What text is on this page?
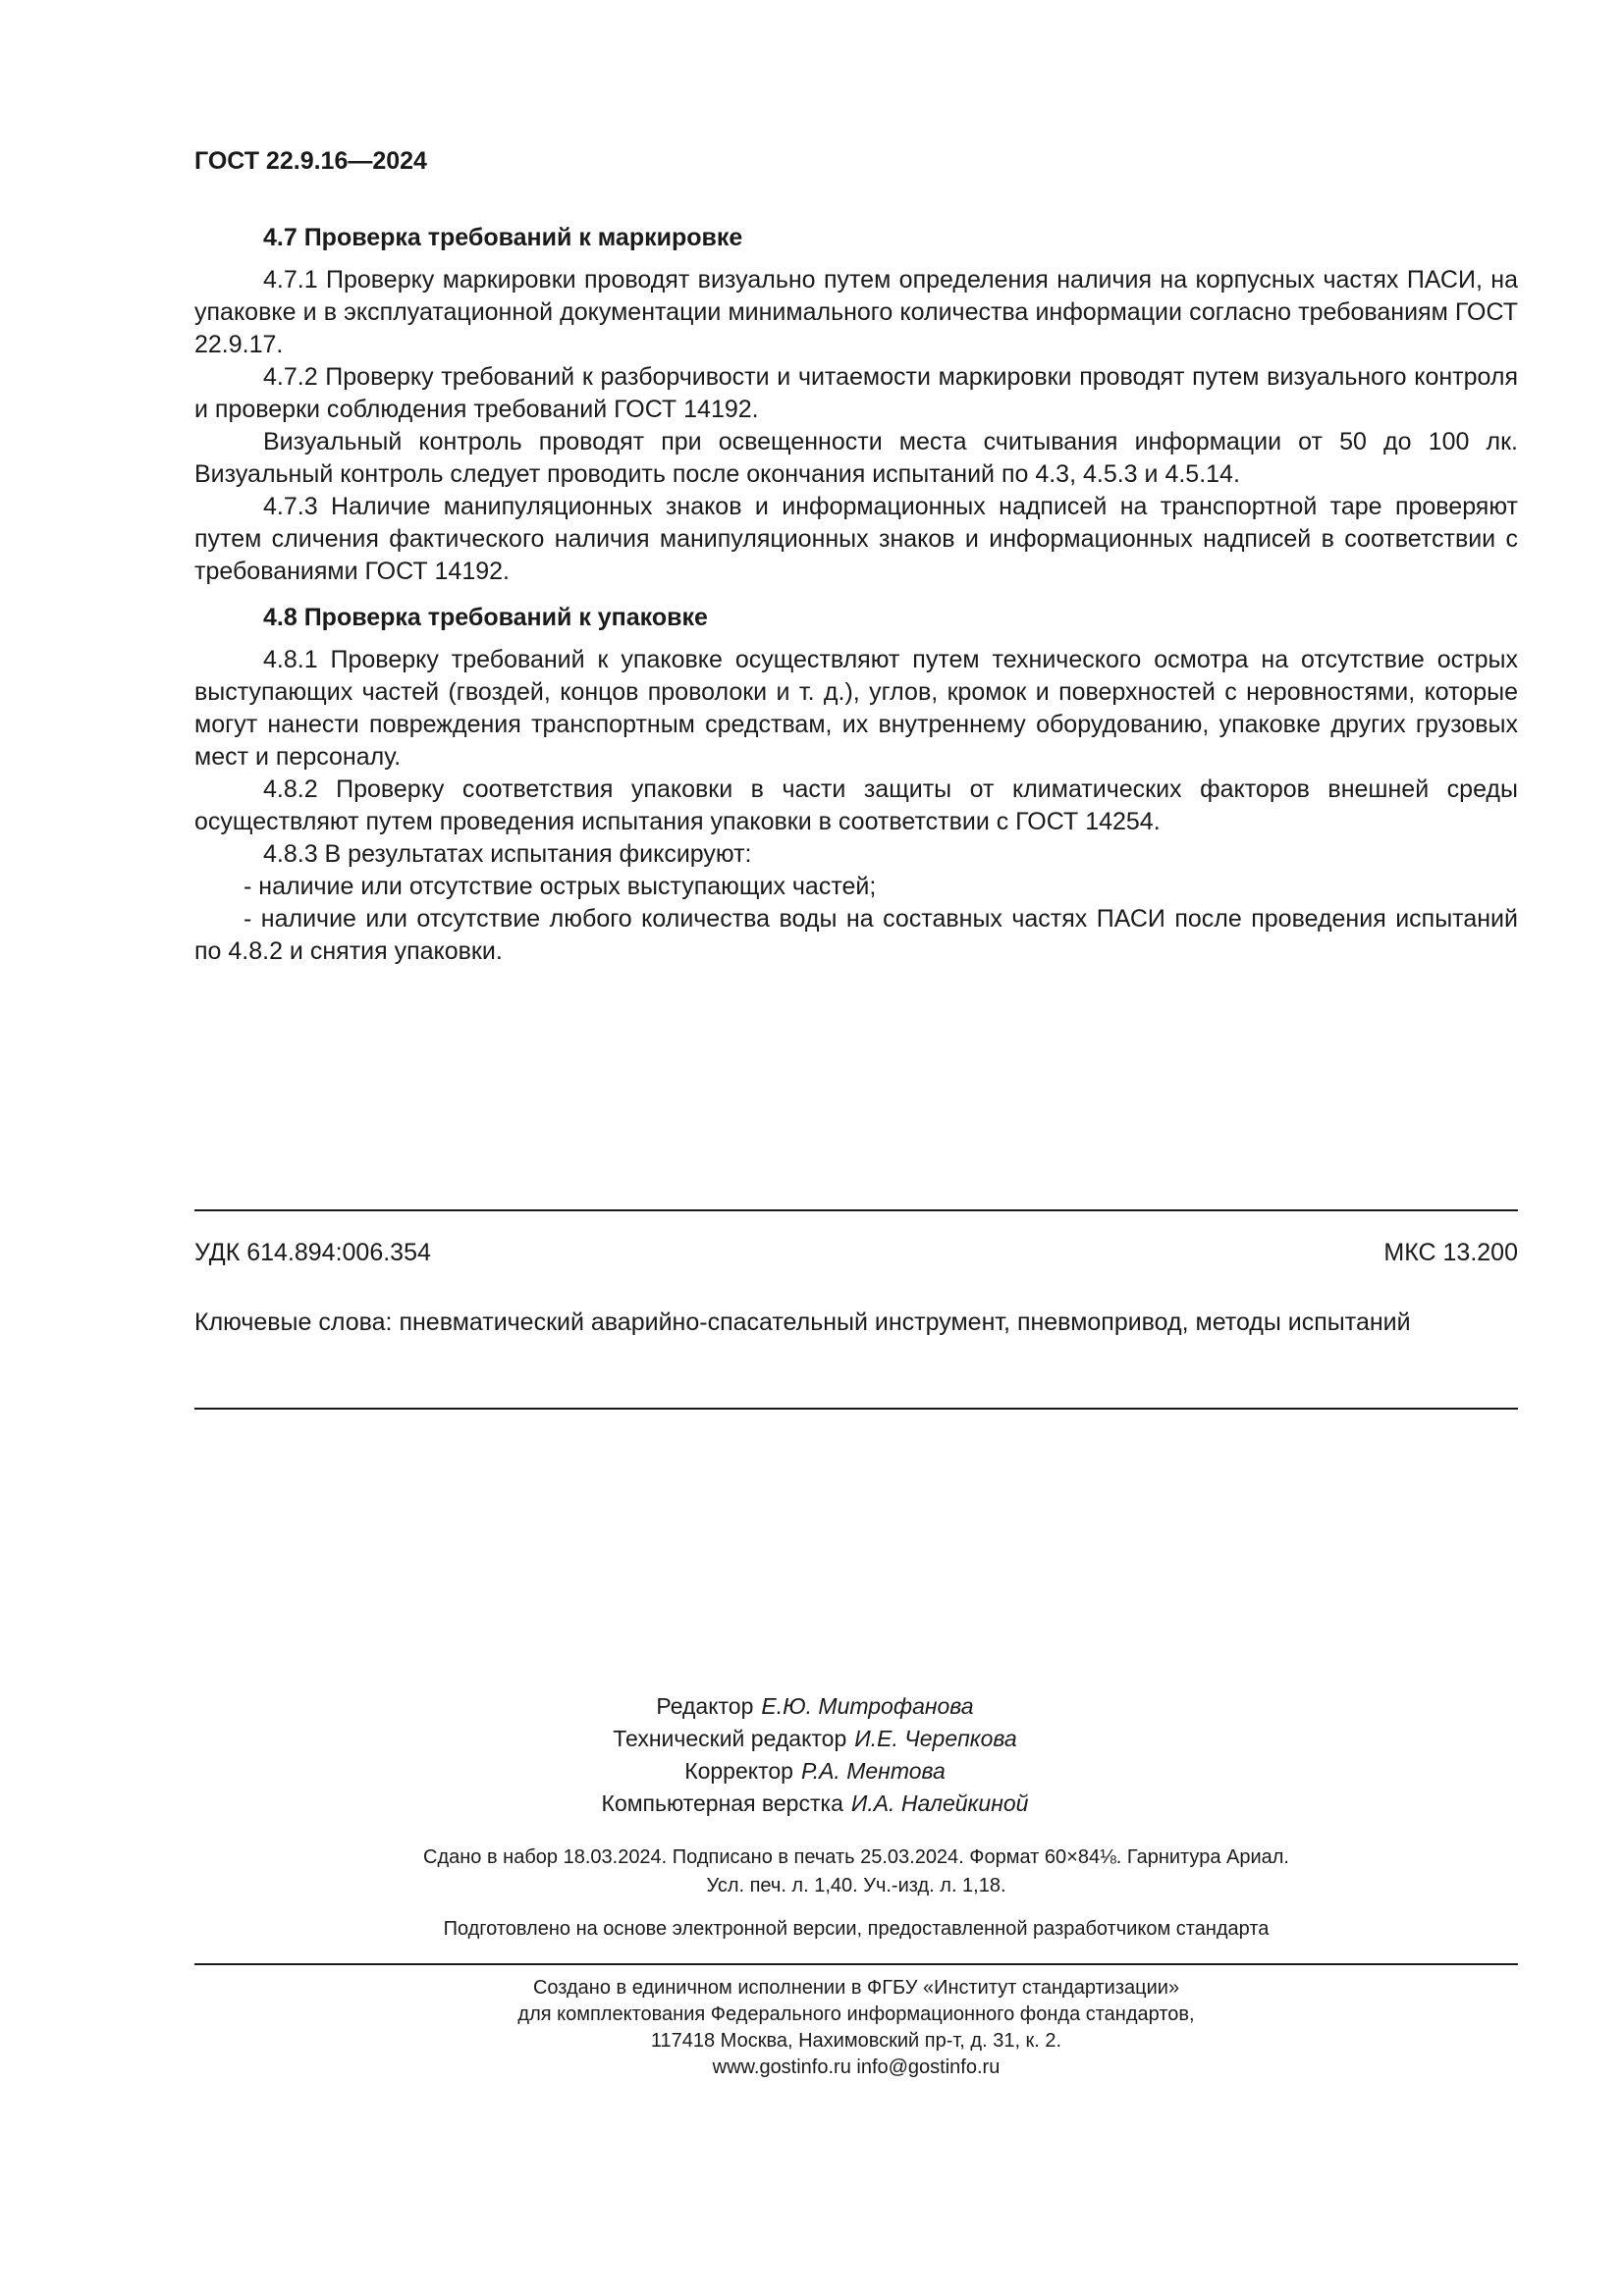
ГОСТ 22.9.16—2024

4.7 Проверка требований к маркировке

4.7.1 Проверку маркировки проводят визуально путем определения наличия на корпусных частях ПАСИ, на упаковке и в эксплуатационной документации минимального количества информации согласно требованиям ГОСТ 22.9.17.

4.7.2 Проверку требований к разборчивости и читаемости маркировки проводят путем визуального контроля и проверки соблюдения требований ГОСТ 14192.

Визуальный контроль проводят при освещенности места считывания информации от 50 до 100 лк. Визуальный контроль следует проводить после окончания испытаний по 4.3, 4.5.3 и 4.5.14.

4.7.3 Наличие манипуляционных знаков и информационных надписей на транспортной таре проверяют путем сличения фактического наличия манипуляционных знаков и информационных надписей в соответствии с требованиями ГОСТ 14192.

4.8 Проверка требований к упаковке

4.8.1 Проверку требований к упаковке осуществляют путем технического осмотра на отсутствие острых выступающих частей (гвоздей, концов проволоки и т. д.), углов, кромок и поверхностей с неровностями, которые могут нанести повреждения транспортным средствам, их внутреннему оборудованию, упаковке других грузовых мест и персоналу.

4.8.2 Проверку соответствия упаковки в части защиты от климатических факторов внешней среды осуществляют путем проведения испытания упаковки в соответствии с ГОСТ 14254.

4.8.3 В результатах испытания фиксируют:

- наличие или отсутствие острых выступающих частей;

- наличие или отсутствие любого количества воды на составных частях ПАСИ после проведения испытаний по 4.8.2 и снятия упаковки.

УДК 614.894:006.354	МКС 13.200
Ключевые слова: пневматический аварийно-спасательный инструмент, пневмопривод, методы испытаний
Редактор Е.Ю. Митрофанова
Технический редактор И.Е. Черепкова
Корректор Р.А. Ментова
Компьютерная верстка И.А. Налейкиной
Сдано в набор 18.03.2024. Подписано в печать 25.03.2024. Формат 60×84⅛. Гарнитура Ариал.
Усл. печ. л. 1,40. Уч.-изд. л. 1,18.
Подготовлено на основе электронной версии, предоставленной разработчиком стандарта
Создано в единичном исполнении в ФГБУ «Институт стандартизации»
для комплектования Федерального информационного фонда стандартов,
117418 Москва, Нахимовский пр-т, д. 31, к. 2.
www.gostinfo.ru info@gostinfo.ru
